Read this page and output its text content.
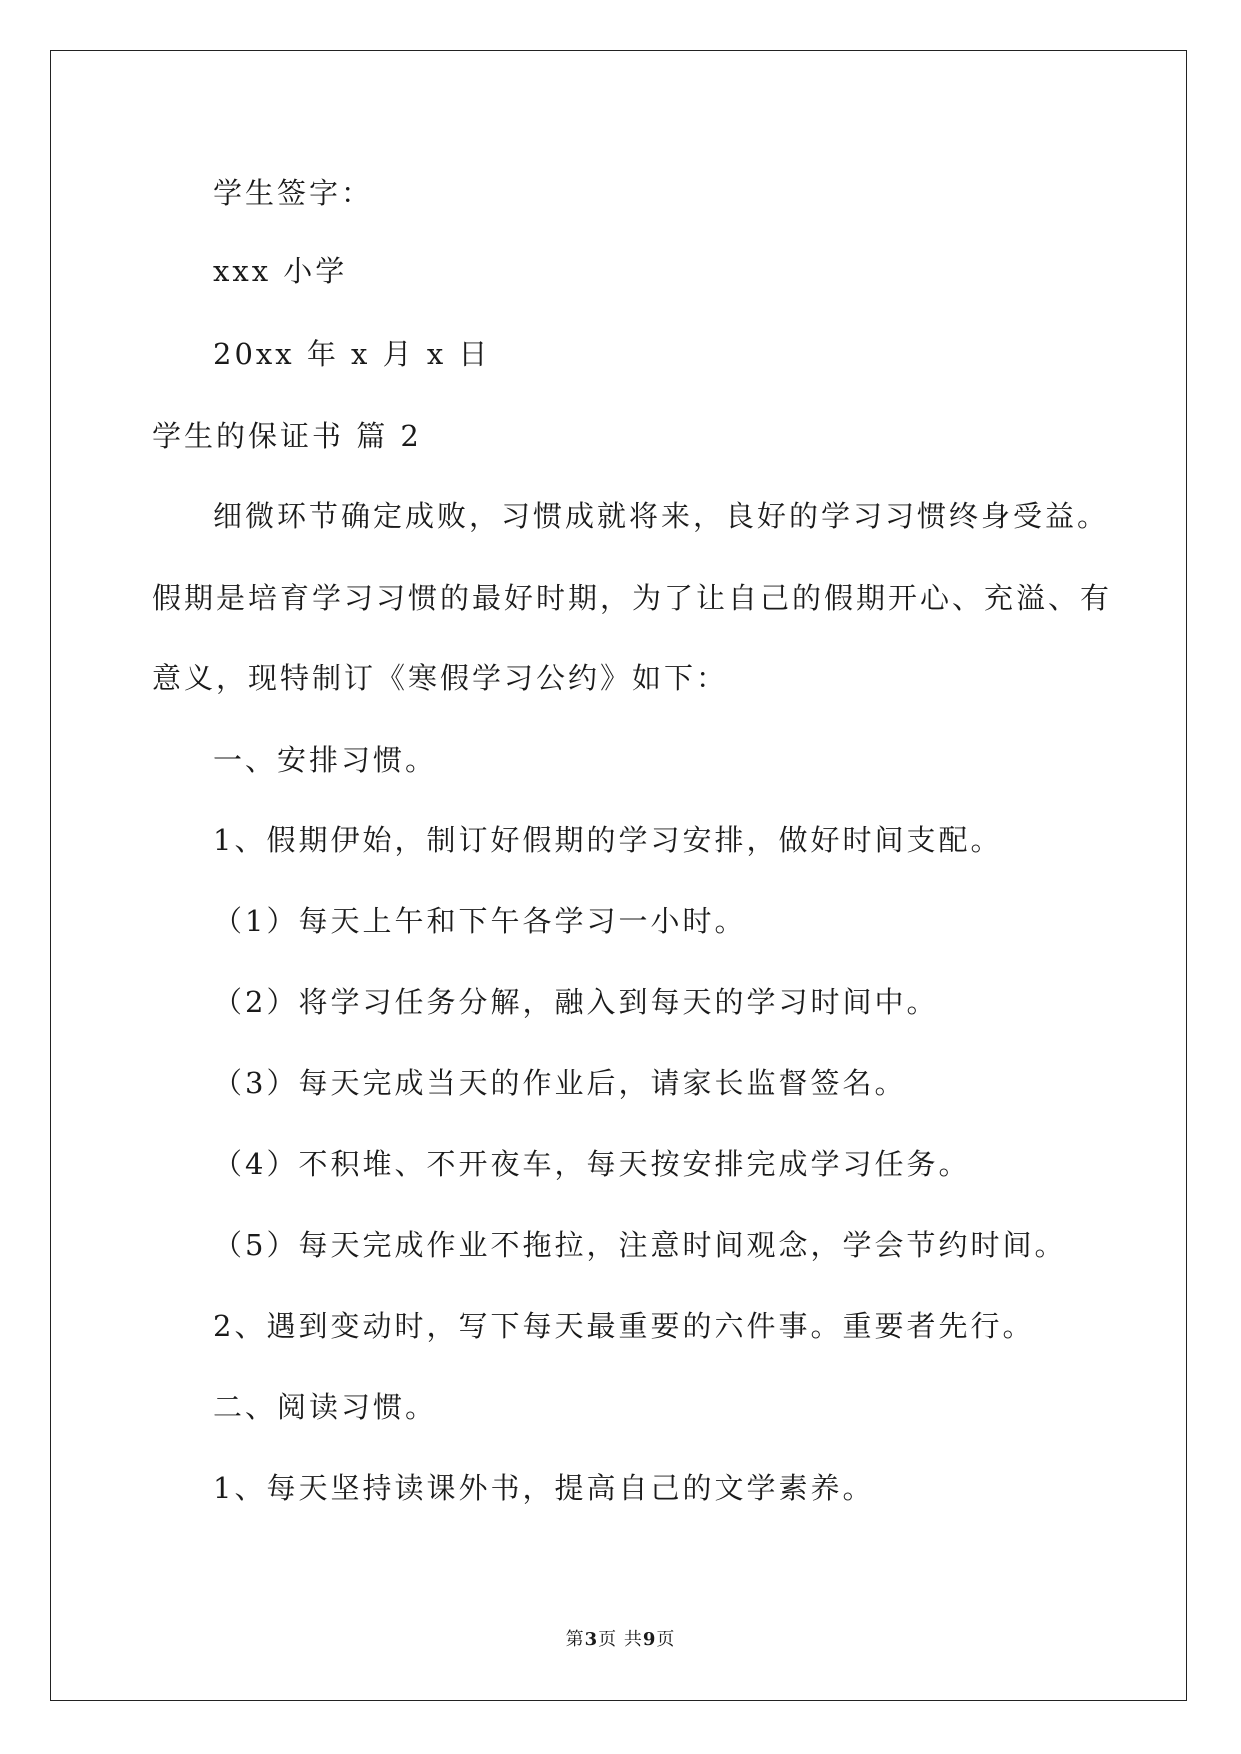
学生签字：
xxx 小学
20xx 年 x 月 x 日
学生的保证书 篇 2
细微环节确定成败，习惯成就将来，良好的学习习惯终身受益。
假期是培育学习习惯的最好时期，为了让自己的假期开心、充溢、有
意义，现特制订《寒假学习公约》如下：
一、安排习惯。
1、假期伊始，制订好假期的学习安排，做好时间支配。
（1）每天上午和下午各学习一小时。
（2）将学习任务分解，融入到每天的学习时间中。
（3）每天完成当天的作业后，请家长监督签名。
（4）不积堆、不开夜车，每天按安排完成学习任务。
（5）每天完成作业不拖拉，注意时间观念，学会节约时间。
2、遇到变动时，写下每天最重要的六件事。重要者先行。
二、阅读习惯。
1、每天坚持读课外书，提高自己的文学素养。
第3页 共9页
